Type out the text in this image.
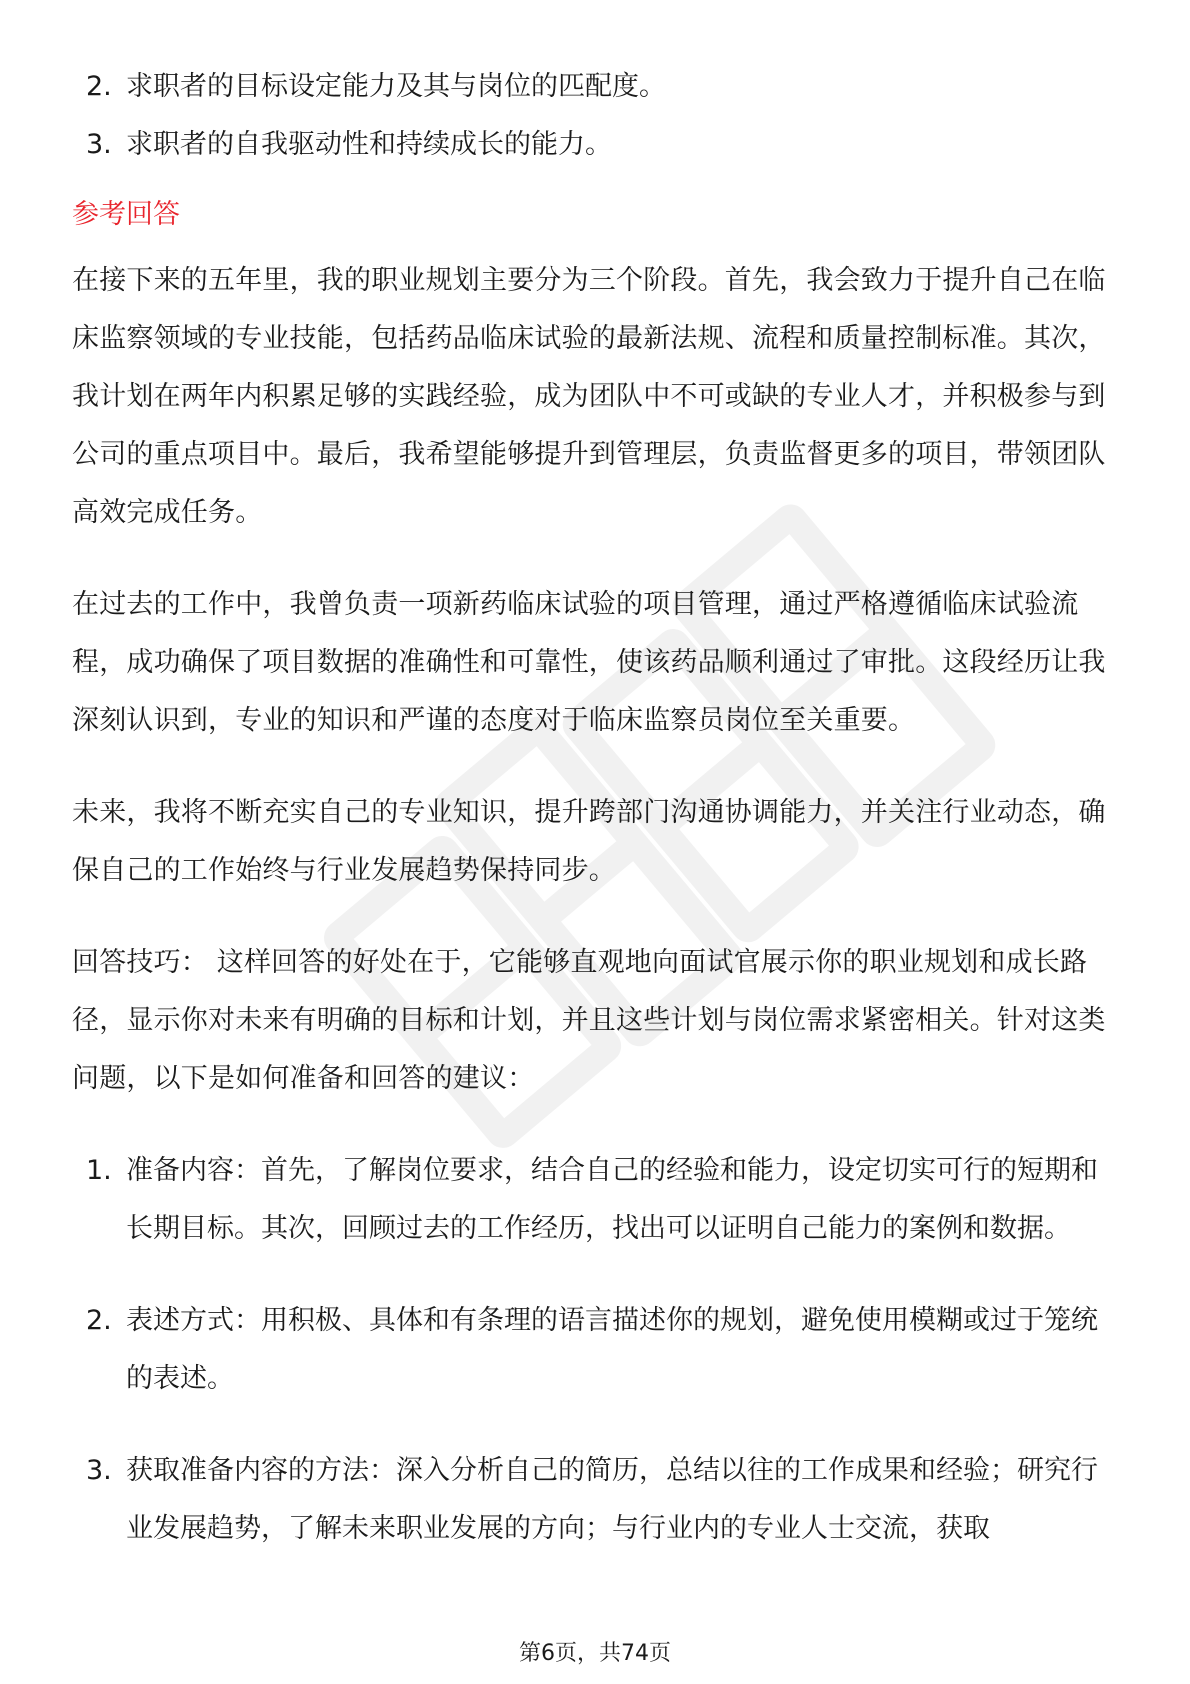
2. 求职者的目标设定能力及其与岗位的匹配度。
3. 求职者的自我驱动性和持续成长的能力。
参考回答

在接下来的五年里，我的职业规划主要分为三个阶段。首先，我会致力于提升自己在临床监察领域的专业技能，包括药品临床试验的最新法规、流程和质量控制标准。其次，我计划在两年内积累足够的实践经验，成为团队中不可或缺的专业人才，并积极参与到公司的重点项目中。最后，我希望能够提升到管理层，负责监督更多的项目，带领团队高效完成任务。

在过去的工作中，我曾负责一项新药临床试验的项目管理，通过严格遵循临床试验流程，成功确保了项目数据的准确性和可靠性，使该药品顺利通过了审批。这段经历让我深刻认识到，专业的知识和严谨的态度对于临床监察员岗位至关重要。

未来，我将不断充实自己的专业知识，提升跨部门沟通协调能力，并关注行业动态，确保自己的工作始终与行业发展趋势保持同步。

回答技巧： 这样回答的好处在于，它能够直观地向面试官展示你的职业规划和成长路径，显示你对未来有明确的目标和计划，并且这些计划与岗位需求紧密相关。针对这类问题，以下是如何准备和回答的建议：

1. 准备内容：首先，了解岗位要求，结合自己的经验和能力，设定切实可行的短期和长期目标。其次，回顾过去的工作经历，找出可以证明自己能力的案例和数据。
2. 表述方式：用积极、具体和有条理的语言描述你的规划，避免使用模糊或过于笼统的表述。
3. 获取准备内容的方法：深入分析自己的简历，总结以往的工作成果和经验；研究行业发展趋势，了解未来职业发展的方向；与行业内的专业人士交流，获取
第6页，共74页
